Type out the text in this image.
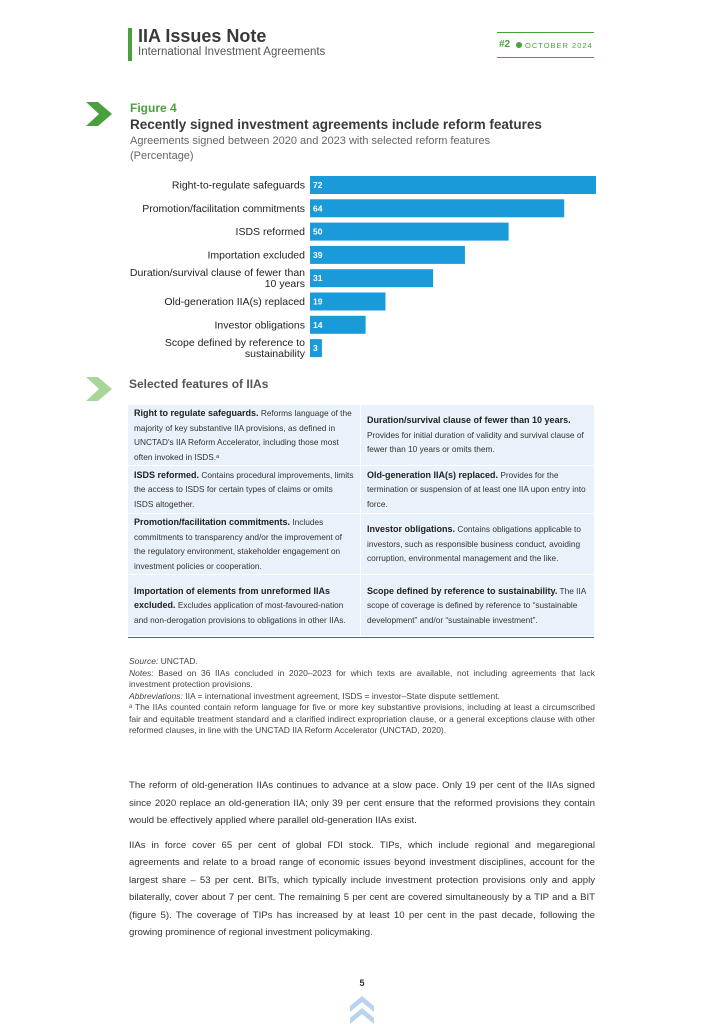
IIA Issues Note
International Investment Agreements
#2 OCTOBER 2024
Figure 4
Recently signed investment agreements include reform features
Agreements signed between 2020 and 2023 with selected reform features
(Percentage)
72
Right-to-regulate safeguards
64
Promotion/facilitation commitments
50
ISDS reformed
39
Importation excluded
31
Duration/survival clause of fewer than 10 years
19
Old-generation IIA(s) replaced
14
Investor obligations
3
Scope defined by reference to sustainability
Selected features of IIAs
Right to regulate safeguards. Reforms language of the majority of key substantive IIA provisions, as defined in UNCTAD's IIA Reform Accelerator, including those most often invoked in ISDS.ᵃ
Duration/survival clause of fewer than 10 years. Provides for initial duration of validity and survival clause of fewer than 10 years or omits them.
ISDS reformed. Contains procedural improvements, limits the access to ISDS for certain types of claims or omits ISDS altogether.
Old-generation IIA(s) replaced. Provides for the termination or suspension of at least one IIA upon entry into force.
Promotion/facilitation commitments. Includes commitments to transparency and/or the improvement of the regulatory environment, stakeholder engagement on investment policies or cooperation.
Investor obligations. Contains obligations applicable to investors, such as responsible business conduct, avoiding corruption, environmental management and the like.
Importation of elements from unreformed IIAs excluded. Excludes application of most-favoured-nation and non-derogation provisions to obligations in other IIAs.
Scope defined by reference to sustainability. The IIA scope of coverage is defined by reference to “sustainable development” and/or “sustainable investment”.

Source: UNCTAD.

Notes: Based on 36 IIAs concluded in 2020–2023 for which texts are available, not including agreements that lack investment protection provisions.

Abbreviations: IIA = international investment agreement, ISDS = investor–State dispute settlement.

ᵃ The IIAs counted contain reform language for five or more key substantive provisions, including at least a circumscribed fair and equitable treatment standard and a clarified indirect expropriation clause, or a general exceptions clause with other reformed clauses, in line with the UNCTAD IIA Reform Accelerator (UNCTAD, 2020).

The reform of old-generation IIAs continues to advance at a slow pace. Only 19 per cent of the IIAs signed since 2020 replace an old-generation IIA; only 39 per cent ensure that the reformed provisions they contain would be effectively applied where parallel old-generation IIAs exist.

IIAs in force cover 65 per cent of global FDI stock. TIPs, which include regional and megaregional agreements and relate to a broad range of economic issues beyond investment disciplines, account for the largest share – 53 per cent. BITs, which typically include investment protection provisions only and apply bilaterally, cover about 7 per cent. The remaining 5 per cent are covered simultaneously by a TIP and a BIT (figure 5). The coverage of TIPs has increased by at least 10 per cent in the past decade, following the growing prominence of regional investment policymaking.

5
